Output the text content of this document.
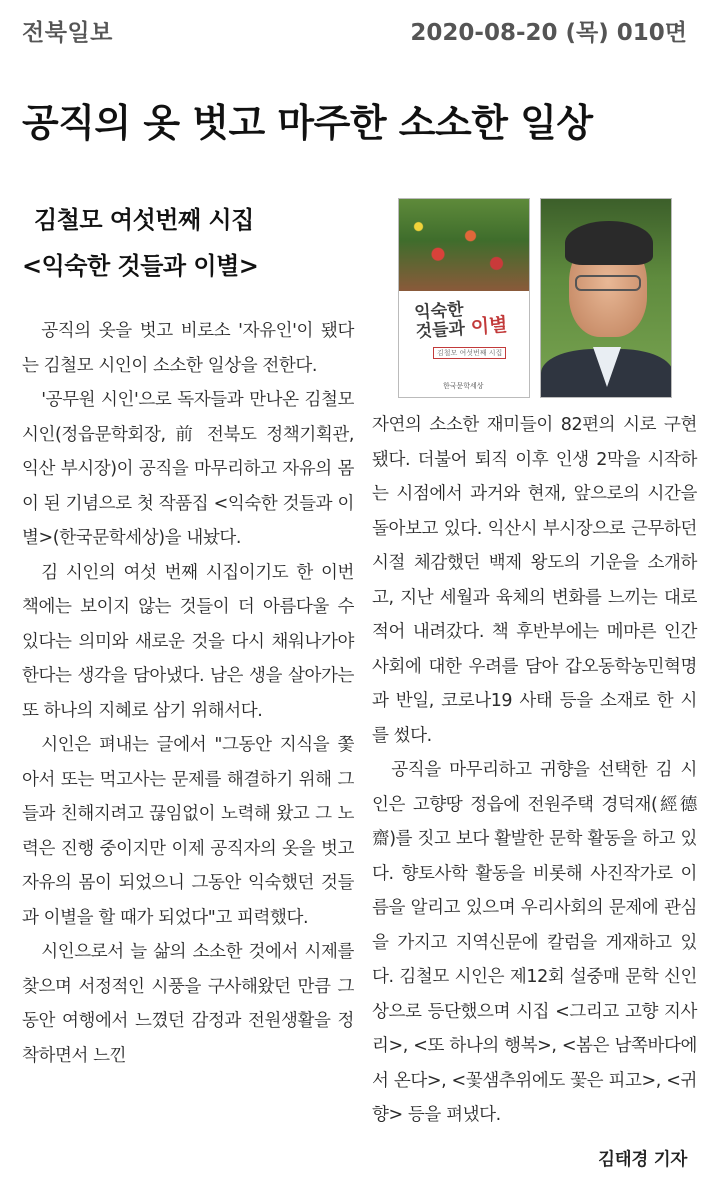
전북일보	2020-08-20 (목) 010면
공직의 옷 벗고 마주한 소소한 일상
김철모 여섯번째 시집
<익숙한 것들과 이별>
익숙한
것들과 이별
김철모 여섯번째 시집
한국문학세상

공직의 옷을 벗고 비로소 '자유인'이 됐다는 김철모 시인이 소소한 일상을 전한다.

'공무원 시인'으로 독자들과 만나온 김철모 시인(정읍문학회장, 前 전북도 정책기획관, 익산 부시장)이 공직을 마무리하고 자유의 몸이 된 기념으로 첫 작품집 <익숙한 것들과 이별>(한국문학세상)을 내놨다.

김 시인의 여섯 번째 시집이기도 한 이번 책에는 보이지 않는 것들이 더 아름다울 수 있다는 의미와 새로운 것을 다시 채워나가야 한다는 생각을 담아냈다. 남은 생을 살아가는 또 하나의 지혜로 삼기 위해서다.

시인은 펴내는 글에서 "그동안 지식을 쫓아서 또는 먹고사는 문제를 해결하기 위해 그들과 친해지려고 끊임없이 노력해 왔고 그 노력은 진행 중이지만 이제 공직자의 옷을 벗고 자유의 몸이 되었으니 그동안 익숙했던 것들과 이별을 할 때가 되었다"고 피력했다.

시인으로서 늘 삶의 소소한 것에서 시제를 찾으며 서정적인 시풍을 구사해왔던 만큼 그동안 여행에서 느꼈던 감정과 전원생활을 정착하면서 느낀

자연의 소소한 재미들이 82편의 시로 구현됐다. 더불어 퇴직 이후 인생 2막을 시작하는 시점에서 과거와 현재, 앞으로의 시간을 돌아보고 있다. 익산시 부시장으로 근무하던 시절 체감했던 백제 왕도의 기운을 소개하고, 지난 세월과 육체의 변화를 느끼는 대로 적어 내려갔다. 책 후반부에는 메마른 인간사회에 대한 우려를 담아 갑오동학농민혁명과 반일, 코로나19 사태 등을 소재로 한 시를 썼다.

공직을 마무리하고 귀향을 선택한 김 시인은 고향땅 정읍에 전원주택 경덕재(經德齋)를 짓고 보다 활발한 문학 활동을 하고 있다. 향토사학 활동을 비롯해 사진작가로 이름을 알리고 있으며 우리사회의 문제에 관심을 가지고 지역신문에 칼럼을 게재하고 있다. 김철모 시인은 제12회 설중매 문학 신인상으로 등단했으며 시집 <그리고 고향 지사리>, <또 하나의 행복>, <봄은 남쪽바다에서 온다>, <꽃샘추위에도 꽃은 피고>, <귀향> 등을 펴냈다.

김태경 기자
